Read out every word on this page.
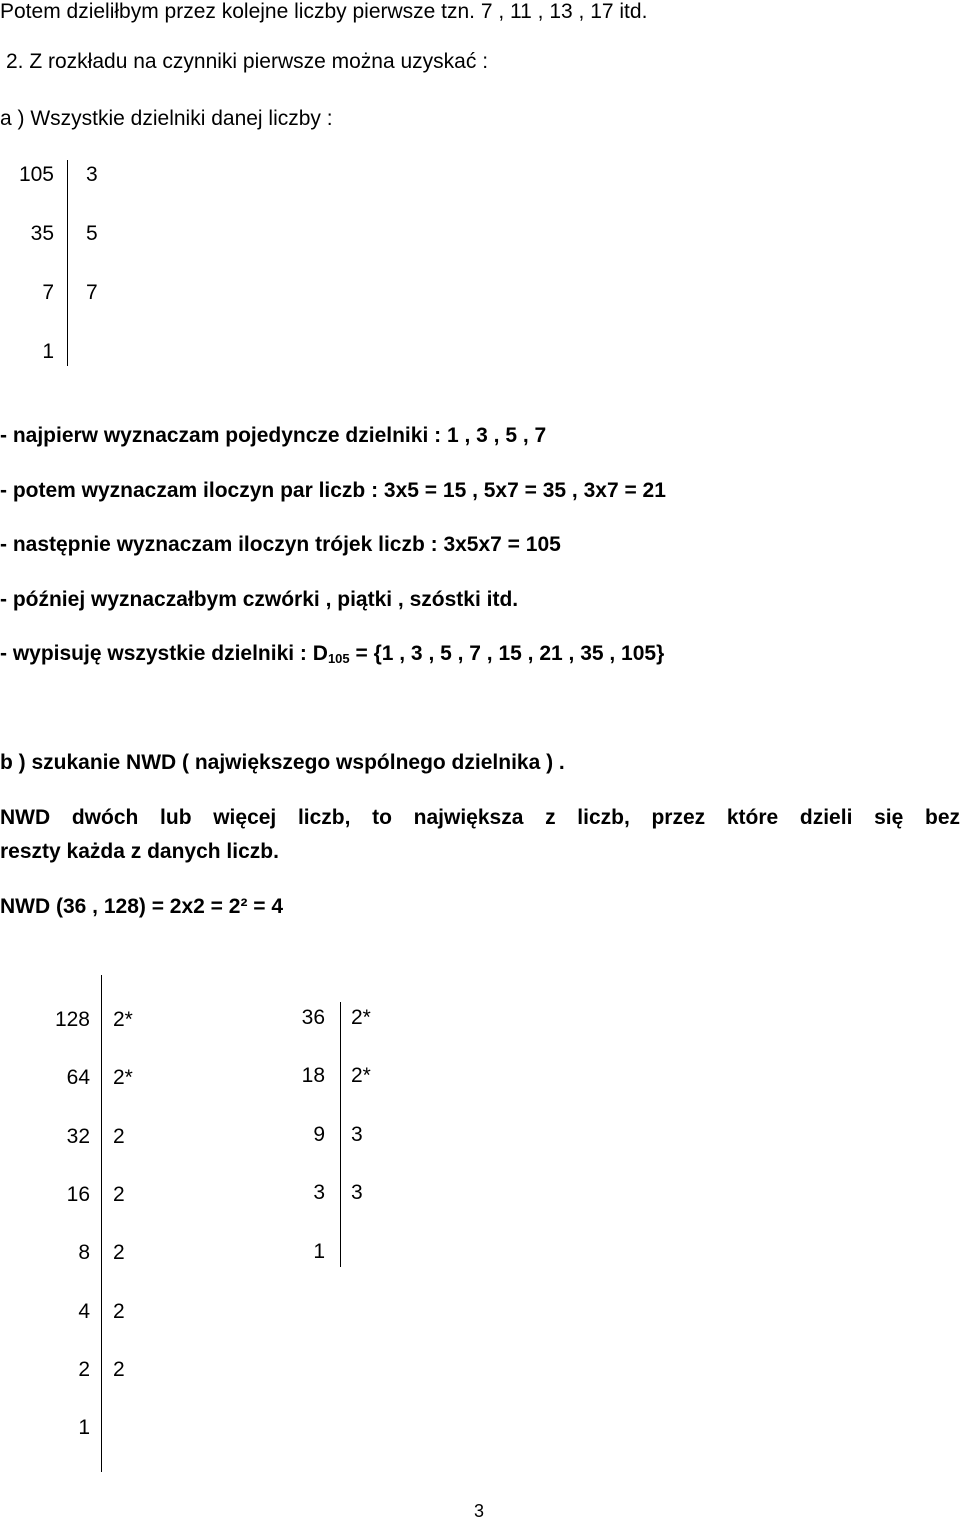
Potem dzieliłbym przez kolejne liczby pierwsze tzn. 7 , 11 , 13 , 17 itd.
2. Z rozkładu na czynniki pierwsze można uzyskać :
a ) Wszystkie dzielniki danej liczby :
105
35
7
1
3
5
7
- najpierw wyznaczam pojedyncze dzielniki : 1 , 3 , 5 , 7
- potem wyznaczam iloczyn par liczb : 3x5 = 15 , 5x7 = 35 , 3x7 = 21
- następnie wyznaczam iloczyn trójek liczb : 3x5x7 = 105
- później wyznaczałbym czwórki , piątki , szóstki itd.
- wypisuję wszystkie dzielniki : $D_{105} = \{1$ , 3 , 5 , 7 , 15 , 21 , 35 , 105}
b ) szukanie NWD ( największego wspólnego dzielnika ) .
NWD dwóch lub więcej liczb, to największa z liczb, przez które dzieli się bez
reszty każda z danych liczb.
NWD (36 , 128) = 2x2 = 2² = 4
128
64
32
16
8
4
2
1
2*
2*
2
2
2
2
2
36
18
9
3
1
2*
2*
3
3
3
